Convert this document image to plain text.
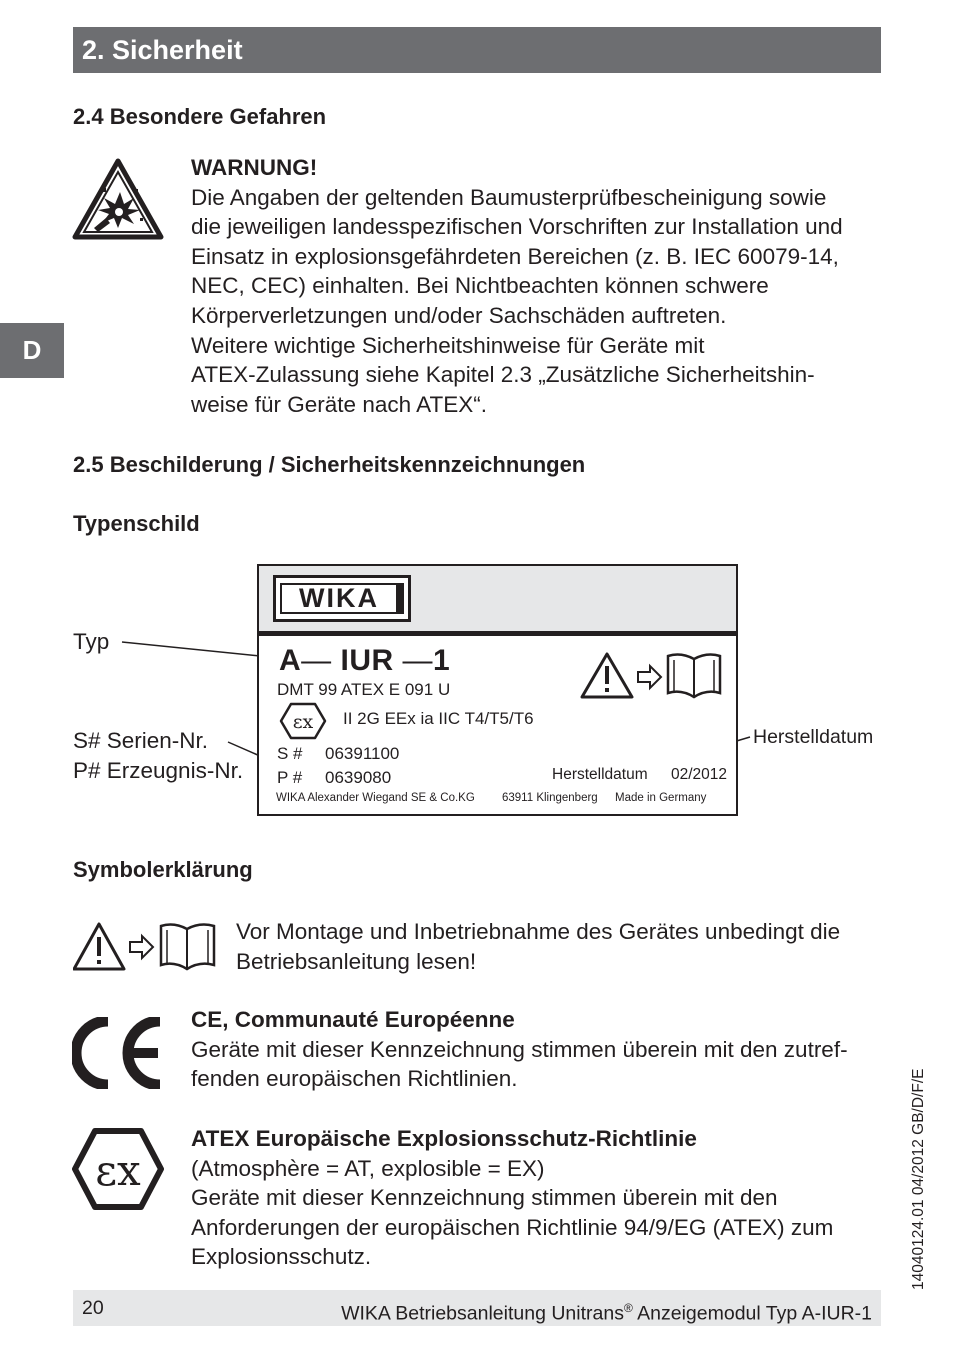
2. Sicherheit
D
2.4 Besondere Gefahren
WARNUNG!
Die Angaben der geltenden Baumusterprüfbescheinigung sowie
die jeweiligen landesspezifischen Vorschriften zur Installation und
Einsatz in explosionsgefährdeten Bereichen (z. B. IEC 60079-14,
NEC, CEC) einhalten. Bei Nichtbeachten können schwere
Körperverletzungen und/oder Sachschäden auftreten.
Weitere wichtige Sicherheitshinweise für Geräte mit
ATEX-Zulassung siehe Kapitel 2.3 „Zusätzliche Sicherheitshin-
weise für Geräte nach ATEX“.
2.5 Beschilderung / Sicherheitskennzeichnungen
Typenschild
Typ
S# Serien-Nr.
P# Erzeugnis-Nr.
Herstelldatum
WIKA
A— IUR —1
DMT 99 ATEX E 091 U
εx II 2G EEx ia IIC T4/T5/T6
S # 06391100
P # 0639080	Herstelldatum 02/2012
WIKA Alexander Wiegand SE & Co.KG 63911 Klingenberg Made in Germany
Symbolerklärung
Vor Montage und Inbetriebnahme des Gerätes unbedingt die
Betriebsanleitung lesen!
CE, Communauté Européenne
Geräte mit dieser Kennzeichnung stimmen überein mit den zutref-
fenden europäischen Richtlinien.
εx
ATEX Europäische Explosionsschutz-Richtlinie
(Atmosphère = AT, explosible = EX)
Geräte mit dieser Kennzeichnung stimmen überein mit den
Anforderungen der europäischen Richtlinie 94/9/EG (ATEX) zum
Explosionsschutz.	14040124.01 04/2012 GB/D/F/E
20	WIKA Betriebsanleitung Unitrans® Anzeigemodul Typ A-IUR-1
